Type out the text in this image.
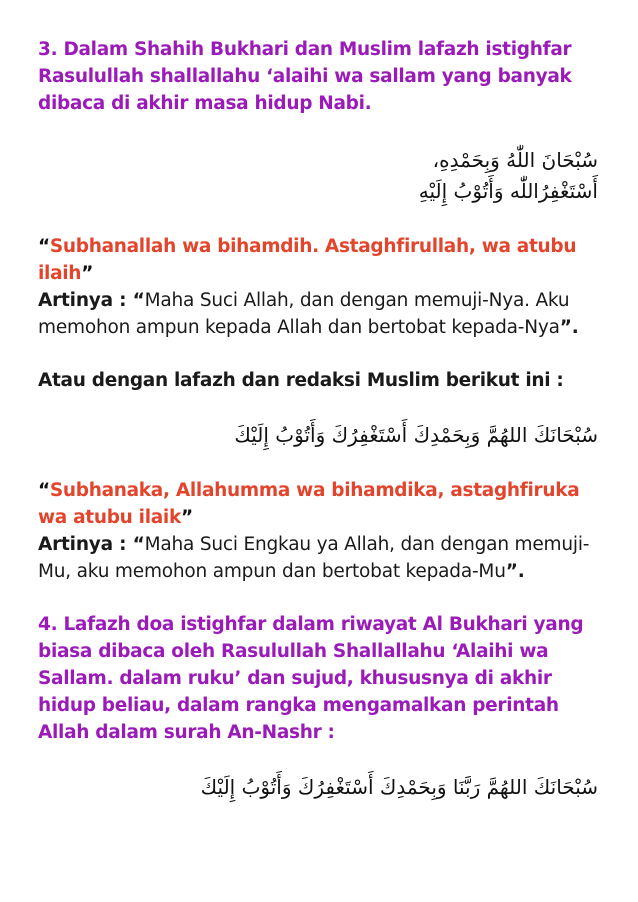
3. Dalam Shahih Bukhari dan Muslim lafazh istighfar Rasulullah shallallahu ‘alaihi wa sallam yang banyak dibaca di akhir masa hidup Nabi.

سُبْحَانَ اللّٰهُ وَبِحَمْدِهِ،

أَسْتَغْفِرُاللّٰه وَأَتُوْبُ إِلَيْهِ

“Subhanallah wa bihamdih. Astaghfirullah, wa atubu ilaih”

Artinya : “Maha Suci Allah, dan dengan memuji-Nya. Aku memohon ampun kepada Allah dan bertobat kepada-Nya”.

Atau dengan lafazh dan redaksi Muslim berikut ini :

سُبْحَانَكَ اللهُمَّ وَبِحَمْدِكَ أَسْتَغْفِرُكَ وَأَتُوْبُ إِلَيْكَ

“Subhanaka, Allahumma wa bihamdika, astaghfiruka wa atubu ilaik”

Artinya : “Maha Suci Engkau ya Allah, dan dengan memuji-Mu, aku memohon ampun dan bertobat kepada-Mu”.

4. Lafazh doa istighfar dalam riwayat Al Bukhari yang biasa dibaca oleh Rasulullah Shallallahu ‘Alaihi wa Sallam. dalam ruku’ dan sujud, khususnya di akhir hidup beliau, dalam rangka mengamalkan perintah Allah dalam surah An-Nashr :

سُبْحَانَكَ اللهُمَّ رَبَّنَا وَبِحَمْدِكَ أَسْتَغْفِرُكَ وَأَتُوْبُ إِلَيْكَ
